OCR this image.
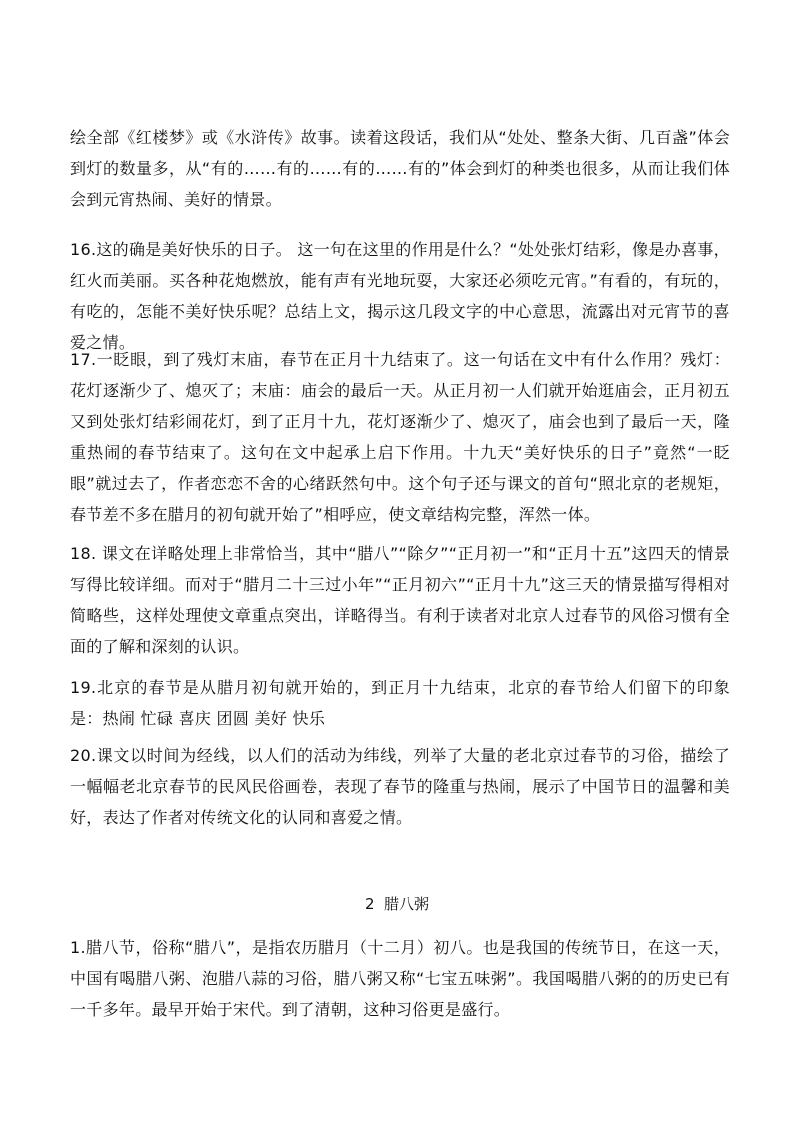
绘全部《红楼梦》或《水浒传》故事。读着这段话，我们从“处处、整条大街、几百盏”体会到灯的数量多，从“有的……有的……有的……有的”体会到灯的种类也很多，从而让我们体会到元宵热闹、美好的情景。

16.这的确是美好快乐的日子。 这一句在这里的作用是什么？“处处张灯结彩，像是办喜事，红火而美丽。买各种花炮燃放，能有声有光地玩耍，大家还必须吃元宵。”有看的，有玩的，有吃的，怎能不美好快乐呢？总结上文，揭示这几段文字的中心意思，流露出对元宵节的喜爱之情。

17.一眨眼，到了残灯末庙，春节在正月十九结束了。这一句话在文中有什么作用？残灯：花灯逐渐少了、熄灭了；末庙：庙会的最后一天。从正月初一人们就开始逛庙会，正月初五又到处张灯结彩闹花灯，到了正月十九，花灯逐渐少了、熄灭了，庙会也到了最后一天，隆重热闹的春节结束了。这句在文中起承上启下作用。十九天“美好快乐的日子”竟然“一眨眼”就过去了，作者恋恋不舍的心绪跃然句中。这个句子还与课文的首句“照北京的老规矩，春节差不多在腊月的初旬就开始了”相呼应，使文章结构完整，浑然一体。

18. 课文在详略处理上非常恰当，其中“腊八”“除夕”“正月初一”和“正月十五”这四天的情景写得比较详细。而对于“腊月二十三过小年”“正月初六”“正月十九”这三天的情景描写得相对简略些，这样处理使文章重点突出，详略得当。有利于读者对北京人过春节的风俗习惯有全面的了解和深刻的认识。

19.北京的春节是从腊月初旬就开始的，到正月十九结束，北京的春节给人们留下的印象是：热闹 忙碌 喜庆 团圆 美好 快乐

20.课文以时间为经线，以人们的活动为纬线，列举了大量的老北京过春节的习俗，描绘了一幅幅老北京春节的民风民俗画卷，表现了春节的隆重与热闹，展示了中国节日的温馨和美好，表达了作者对传统文化的认同和喜爱之情。

2 腊八粥

1.腊八节，俗称“腊八”，是指农历腊月（十二月）初八。也是我国的传统节日，在这一天，中国有喝腊八粥、泡腊八蒜的习俗，腊八粥又称“七宝五味粥”。我国喝腊八粥的的历史已有一千多年。最早开始于宋代。到了清朝，这种习俗更是盛行。
